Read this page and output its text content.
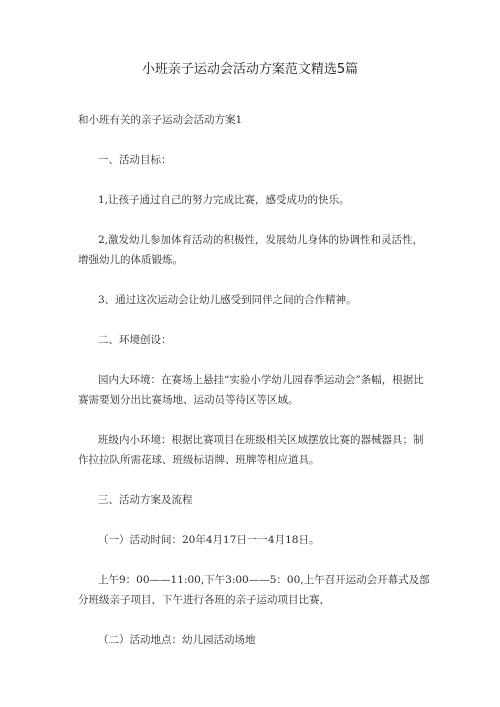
小班亲子运动会活动方案范文精选5篇

和小班有关的亲子运动会活动方案1

一、活动目标：

1,让孩子通过自己的努力完成比赛，感受成功的快乐。

2,激发幼儿参加体育活动的积极性，发展幼儿身体的协调性和灵活性，增强幼儿的体质锻炼。

3、通过这次运动会让幼儿感受到同伴之间的合作精神。

二、环境创设：

园内大环境：在赛场上悬挂“实验小学幼儿园春季运动会”条幅，根据比赛需要划分出比赛场地、运动员等待区等区域。

班级内小环境：根据比赛项目在班级相关区域摆放比赛的器械器具；制作拉拉队所需花球、班级标语牌、班牌等相应道具。

三、活动方案及流程

（一）活动时间：20年4月17日一一4月18日。

上午9：00——11:00,下午3:00——5：00,上午召开运动会开幕式及部分班级亲子项目，下午进行各班的亲子运动项目比赛，

（二）活动地点：幼儿园活动场地
